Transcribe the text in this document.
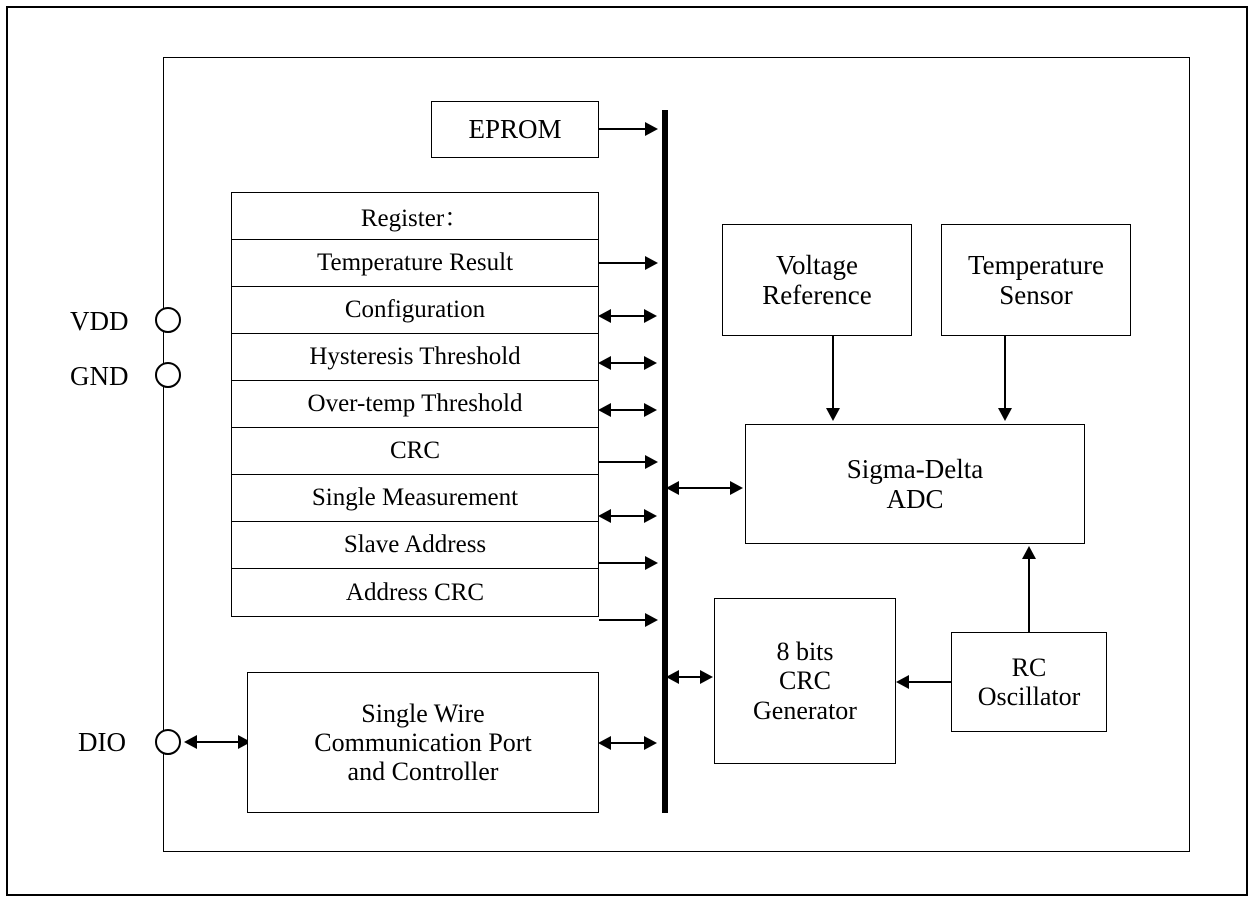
VDD
GND
DIO
EPROM
Register：
Temperature Result
Configuration
Hysteresis Threshold
Over-temp Threshold
CRC
Single Measurement
Slave Address
Address CRC
Voltage
Reference
Temperature
Sensor
Sigma-Delta
ADC
8 bits
CRC
Generator
RC
Oscillator
Single Wire
Communication Port
and Controller
